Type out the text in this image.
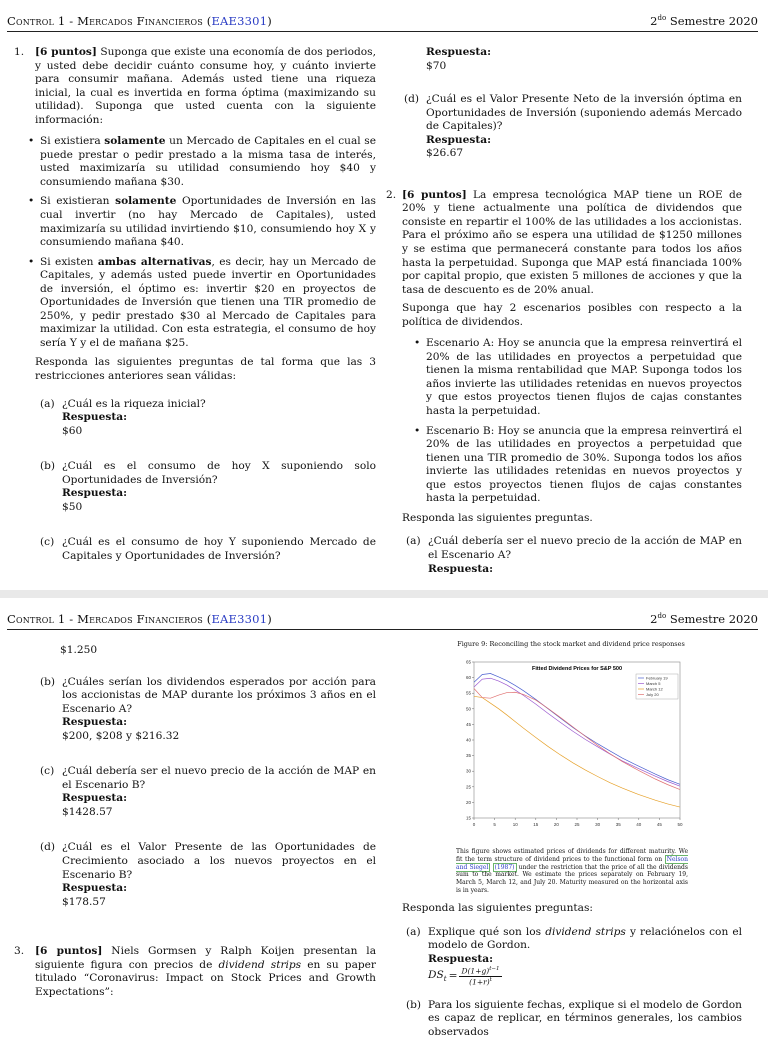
Control 1 - Mercados Financieros (EAE3301)	$2^{do}$ Semestre 2020
1. [6 puntos] Suponga que existe una economía de dos periodos, y usted debe decidir cuánto consume hoy, y cuánto invierte para consumir mañana. Además usted tiene una riqueza inicial, la cual es invertida en forma óptima (maximizando su utilidad). Suponga que usted cuenta con la siguiente información:
• Si existiera solamente un Mercado de Capitales en el cual se puede prestar o pedir prestado a la misma tasa de interés, usted maximizaría su utilidad consumiendo hoy $40 y consumiendo mañana $30.
• Si existieran solamente Oportunidades de Inversión en las cual invertir (no hay Mercado de Capitales), usted maximizaría su utilidad invirtiendo $10, consumiendo hoy X y consumiendo mañana $40.
• Si existen ambas alternativas, es decir, hay un Mercado de Capitales, y además usted puede invertir en Oportunidades de inversión, el óptimo es: invertir $20 en proyectos de Oportunidades de Inversión que tienen una TIR promedio de 250%, y pedir prestado $30 al Mercado de Capitales para maximizar la utilidad. Con esta estrategia, el consumo de hoy sería Y y el de mañana $25.
Responda las siguientes preguntas de tal forma que las 3 restricciones anteriores sean válidas:
(a) ¿Cuál es la riqueza inicial?
Respuesta:
$60
(b) ¿Cuál es el consumo de hoy X suponiendo solo Oportunidades de Inversión?
Respuesta:
$50
(c) ¿Cuál es el consumo de hoy Y suponiendo Mercado de Capitales y Oportunidades de Inversión?
Respuesta:
$70
(d) ¿Cuál es el Valor Presente Neto de la inversión óptima en Oportunidades de Inversión (suponiendo además Mercado de Capitales)?
Respuesta:
$26.67
2. [6 puntos] La empresa tecnológica MAP tiene un ROE de 20% y tiene actualmente una política de dividendos que consiste en repartir el 100% de las utilidades a los accionistas. Para el próximo año se espera una utilidad de $1250 millones y se estima que permanecerá constante para todos los años hasta la perpetuidad. Suponga que MAP está financiada 100% por capital propio, que existen 5 millones de acciones y que la tasa de descuento es de 20% anual.
Suponga que hay 2 escenarios posibles con respecto a la política de dividendos.
• Escenario A: Hoy se anuncia que la empresa reinvertirá el 20% de las utilidades en proyectos a perpetuidad que tienen la misma rentabilidad que MAP. Suponga todos los años invierte las utilidades retenidas en nuevos proyectos y que estos proyectos tienen flujos de cajas constantes hasta la perpetuidad.
• Escenario B: Hoy se anuncia que la empresa reinvertirá el 20% de las utilidades en proyectos a perpetuidad que tienen una TIR promedio de 30%. Suponga todos los años invierte las utilidades retenidas en nuevos proyectos y que estos proyectos tienen flujos de cajas constantes hasta la perpetuidad.
Responda las siguientes preguntas.
(a) ¿Cuál debería ser el nuevo precio de la acción de MAP en el Escenario A?
Respuesta:
Control 1 - Mercados Financieros (EAE3301)	$2^{do}$ Semestre 2020
$1.250
(b) ¿Cuáles serían los dividendos esperados por acción para los accionistas de MAP durante los próximos 3 años en el Escenario A?
Respuesta:
$200, $208 y $216.32
(c) ¿Cuál debería ser el nuevo precio de la acción de MAP en el Escenario B?
Respuesta:
$1428.57
(d) ¿Cuál es el Valor Presente de las Oportunidades de Crecimiento asociado a los nuevos proyectos en el Escenario B?
Respuesta:
$178.57
3. [6 puntos] Niels Gormsen y Ralph Koijen presentan la siguiente figura con precios de dividend strips en su paper titulado “Coronavirus: Impact on Stock Prices and Growth Expectations”:
Figure 9: Reconciling the stock market and dividend price responses
Fitted Dividend Prices for S&P 500
0	5	10	15	20	25	30	35	40	45	50
15
20
25
30
35
40
45
50
55
60
65
February 19
March 5
March 12
July 20
This figure shows estimated prices of dividends for different maturity. We fit the term structure of dividend prices to the functional form on Nelson and Siegel (1987) under the restriction that the price of all the dividends sum to the market. We estimate the prices separately on February 19, March 5, March 12, and July 20. Maturity measured on the horizontal axis is in years.
Responda las siguientes preguntas:
(a) Explique qué son los dividend strips y relaciónelos con el modelo de Gordon.
Respuesta:
$DS_t = \frac{D(1+g)^{t-1}}{(1+r)^t}$
(b) Para los siguiente fechas, explique si el modelo de Gordon es capaz de replicar, en términos generales, los cambios observados
